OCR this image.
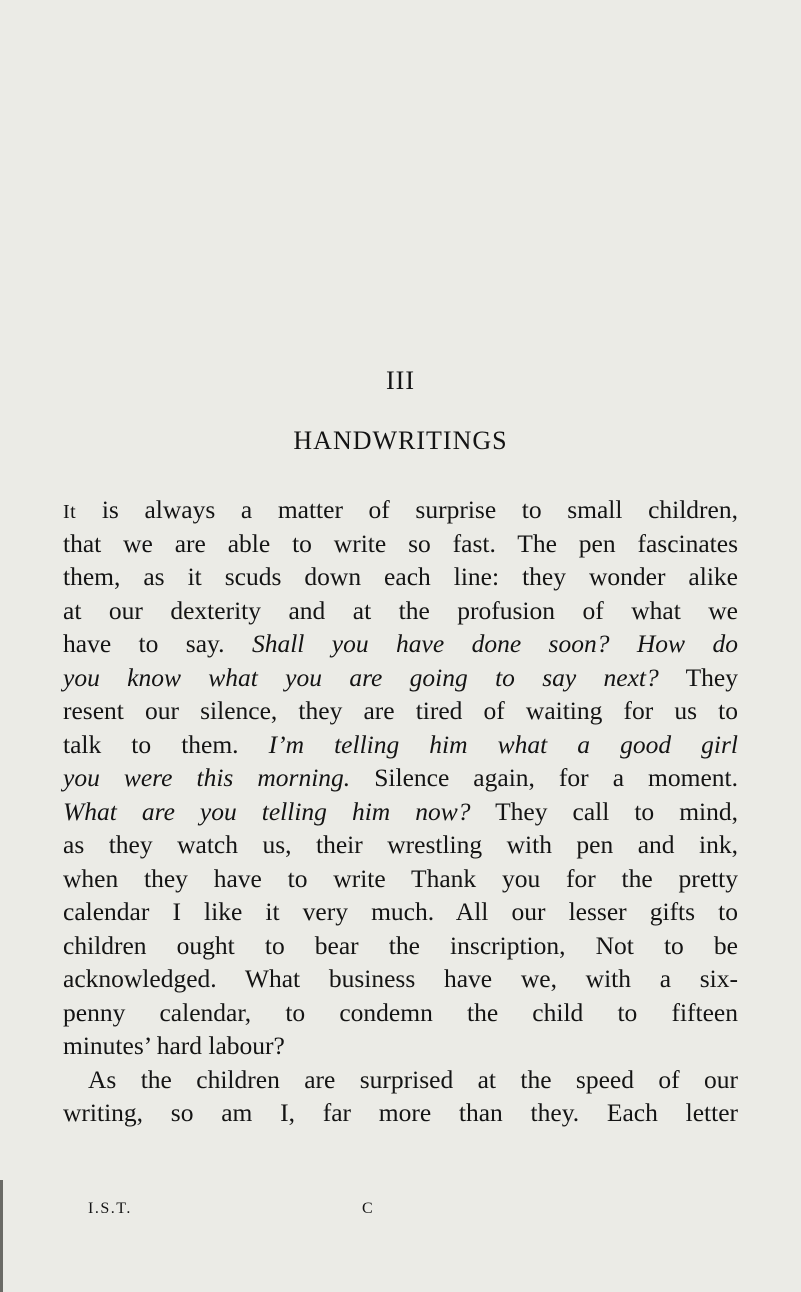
III
HANDWRITINGS
It is always a matter of surprise to small children,
that we are able to write so fast. The pen fascinates
them, as it scuds down each line: they wonder alike
at our dexterity and at the profusion of what we
have to say. Shall you have done soon? How do
you know what you are going to say next? They
resent our silence, they are tired of waiting for us to
talk to them. I’m telling him what a good girl
you were this morning. Silence again, for a moment.
What are you telling him now? They call to mind,
as they watch us, their wrestling with pen and ink,
when they have to write Thank you for the pretty
calendar I like it very much. All our lesser gifts to
children ought to bear the inscription, Not to be
acknowledged. What business have we, with a six-
penny calendar, to condemn the child to fifteen
minutes’ hard labour?
As the children are surprised at the speed of our
writing, so am I, far more than they. Each letter
I.S.T.	C
